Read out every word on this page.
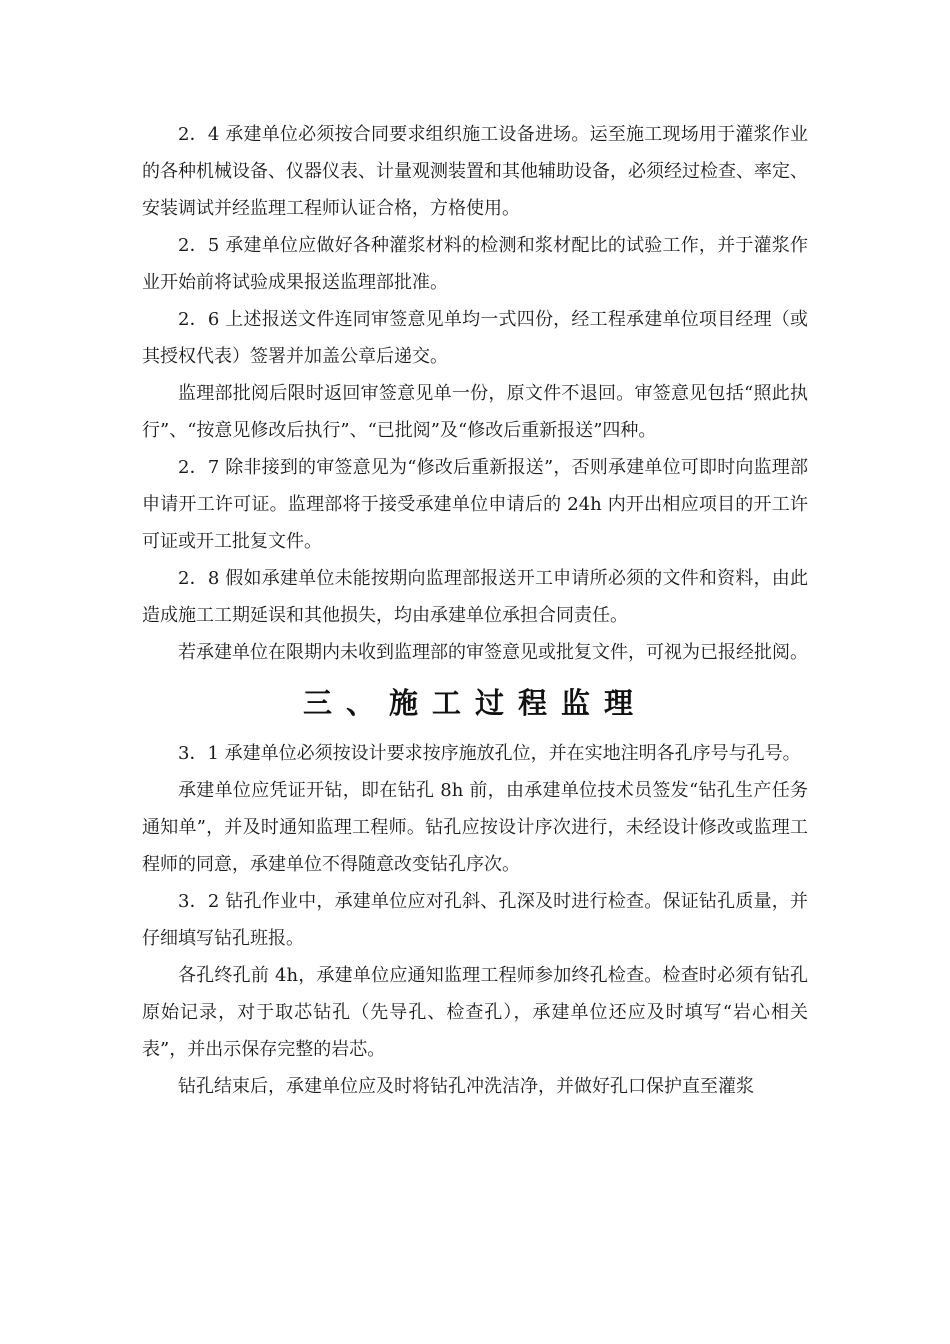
2．4 承建单位必须按合同要求组织施工设备进场。运至施工现场用于灌浆作业的各种机械设备、仪器仪表、计量观测装置和其他辅助设备，必须经过检查、率定、安装调试并经监理工程师认证合格，方格使用。

2．5 承建单位应做好各种灌浆材料的检测和浆材配比的试验工作，并于灌浆作业开始前将试验成果报送监理部批准。

2．6 上述报送文件连同审签意见单均一式四份，经工程承建单位项目经理（或其授权代表）签署并加盖公章后递交。

监理部批阅后限时返回审签意见单一份，原文件不退回。审签意见包括“照此执行”、“按意见修改后执行”、“已批阅”及“修改后重新报送”四种。

2．7 除非接到的审签意见为“修改后重新报送”，否则承建单位可即时向监理部申请开工许可证。监理部将于接受承建单位申请后的 24h 内开出相应项目的开工许可证或开工批复文件。

2．8 假如承建单位未能按期向监理部报送开工申请所必须的文件和资料，由此造成施工工期延误和其他损失，均由承建单位承担合同责任。

若承建单位在限期内未收到监理部的审签意见或批复文件，可视为已报经批阅。

三、施工过程监理

3．1 承建单位必须按设计要求按序施放孔位，并在实地注明各孔序号与孔号。

承建单位应凭证开钻，即在钻孔 8h 前，由承建单位技术员签发“钻孔生产任务通知单”，并及时通知监理工程师。钻孔应按设计序次进行，未经设计修改或监理工程师的同意，承建单位不得随意改变钻孔序次。

3．2 钻孔作业中，承建单位应对孔斜、孔深及时进行检查。保证钻孔质量，并仔细填写钻孔班报。

各孔终孔前 4h，承建单位应通知监理工程师参加终孔检查。检查时必须有钻孔原始记录，对于取芯钻孔（先导孔、检查孔），承建单位还应及时填写“岩心相关表”，并出示保存完整的岩芯。

钻孔结束后，承建单位应及时将钻孔冲洗洁净，并做好孔口保护直至灌浆
